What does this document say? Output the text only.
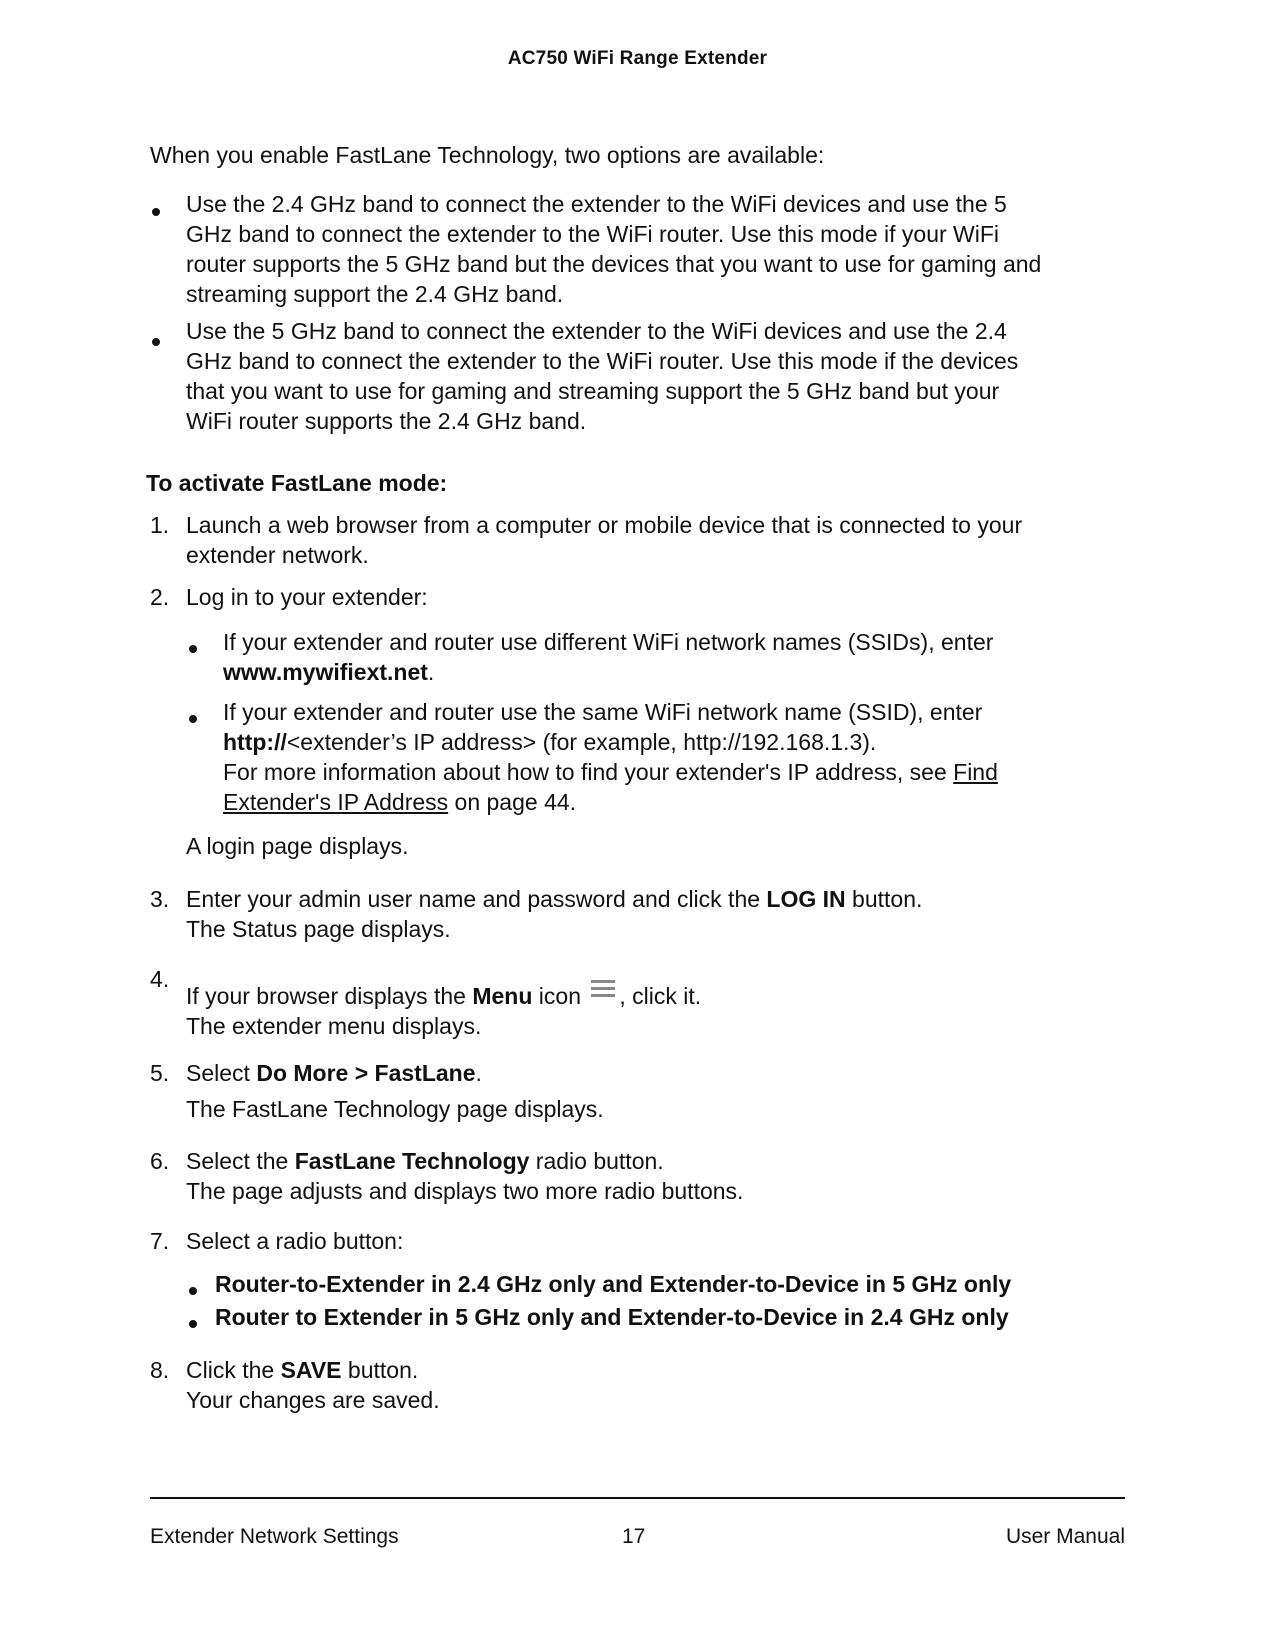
AC750 WiFi Range Extender
When you enable FastLane Technology, two options are available:
Use the 2.4 GHz band to connect the extender to the WiFi devices and use the 5
GHz band to connect the extender to the WiFi router. Use this mode if your WiFi
router supports the 5 GHz band but the devices that you want to use for gaming and
streaming support the 2.4 GHz band.
Use the 5 GHz band to connect the extender to the WiFi devices and use the 2.4
GHz band to connect the extender to the WiFi router. Use this mode if the devices
that you want to use for gaming and streaming support the 5 GHz band but your
WiFi router supports the 2.4 GHz band.
To activate FastLane mode:
1. Launch a web browser from a computer or mobile device that is connected to your
extender network.
2. Log in to your extender:
If your extender and router use different WiFi network names (SSIDs), enter
www.mywifiext.net.
If your extender and router use the same WiFi network name (SSID), enter
http://<extender’s IP address> (for example, http://192.168.1.3).
For more information about how to find your extender's IP address, see Find
Extender's IP Address on page 44.
A login page displays.
3. Enter your admin user name and password and click the LOG IN button.
The Status page displays.
4.
If your browser displays the Menu icon , click it.
The extender menu displays.
5. Select Do More > FastLane.
The FastLane Technology page displays.
6. Select the FastLane Technology radio button.
The page adjusts and displays two more radio buttons.
7. Select a radio button:
Router-to-Extender in 2.4 GHz only and Extender-to-Device in 5 GHz only
Router to Extender in 5 GHz only and Extender-to-Device in 2.4 GHz only
8. Click the SAVE button.
Your changes are saved.
Extender Network Settings	17	User Manual
